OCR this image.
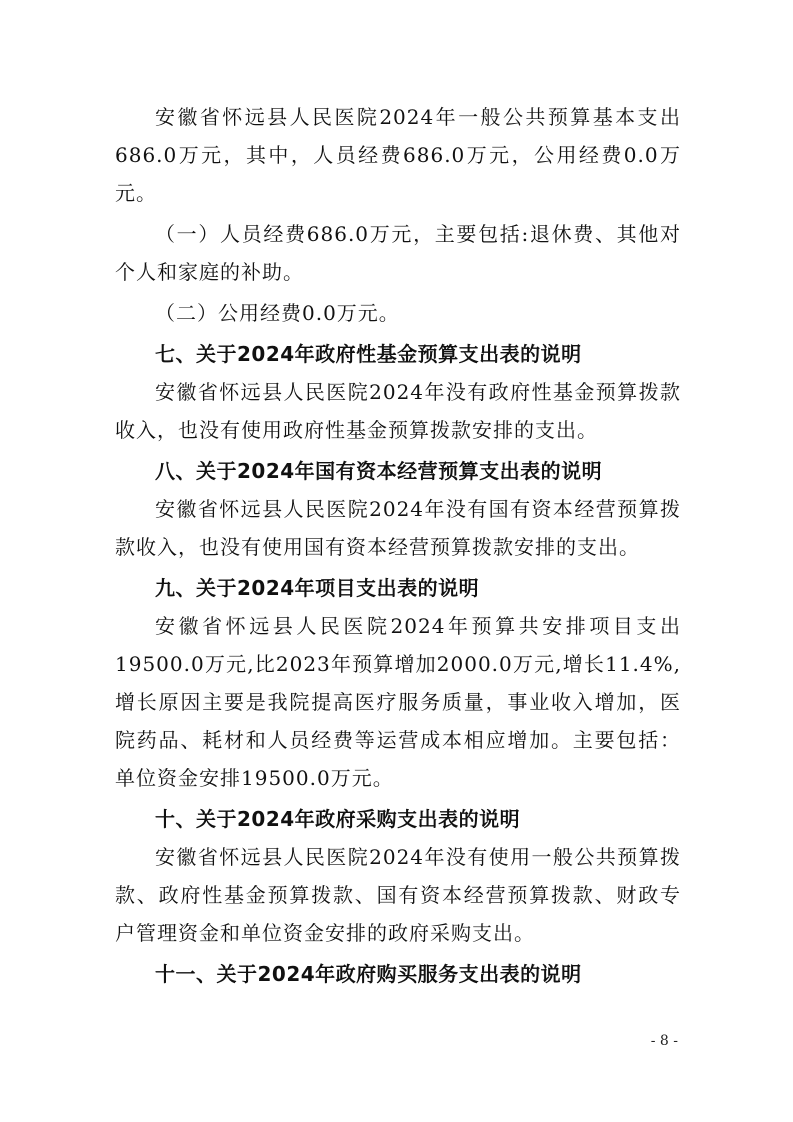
安徽省怀远县人民医院2024年一般公共预算基本支出686.0万元，其中，人员经费686.0万元，公用经费0.0万元。

（一）人员经费686.0万元，主要包括:退休费、其他对个人和家庭的补助。

（二）公用经费0.0万元。

七、关于2024年政府性基金预算支出表的说明

安徽省怀远县人民医院2024年没有政府性基金预算拨款收入，也没有使用政府性基金预算拨款安排的支出。

八、关于2024年国有资本经营预算支出表的说明

安徽省怀远县人民医院2024年没有国有资本经营预算拨款收入，也没有使用国有资本经营预算拨款安排的支出。

九、关于2024年项目支出表的说明

安徽省怀远县人民医院2024年预算共安排项目支出19500.0万元,比2023年预算增加2000.0万元,增长11.4%,增长原因主要是我院提高医疗服务质量，事业收入增加，医院药品、耗材和人员经费等运营成本相应增加。主要包括：单位资金安排19500.0万元。

十、关于2024年政府采购支出表的说明

安徽省怀远县人民医院2024年没有使用一般公共预算拨款、政府性基金预算拨款、国有资本经营预算拨款、财政专户管理资金和单位资金安排的政府采购支出。

十一、关于2024年政府购买服务支出表的说明
- 8 -
